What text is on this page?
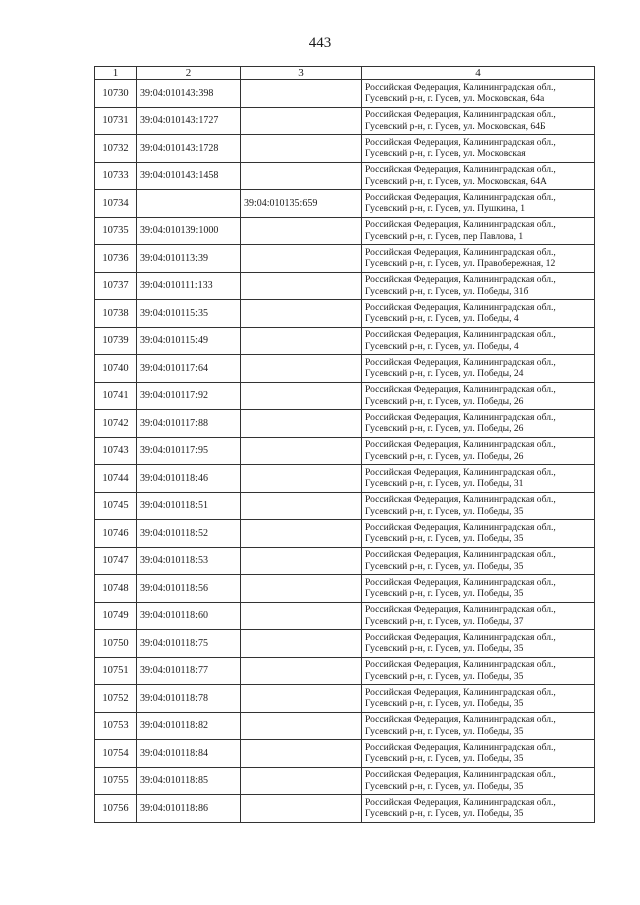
443
1	2	3	4
10730	39:04:010143:398		Российская Федерация, Калининградская обл.,
Гусевский р-н, г. Гусев, ул. Московская, 64а

10731	39:04:010143:1727		Российская Федерация, Калининградская обл.,
Гусевский р-н, г. Гусев, ул. Московская, 64Б

10732	39:04:010143:1728		Российская Федерация, Калининградская обл.,
Гусевский р-н, г. Гусев, ул. Московская

10733	39:04:010143:1458		Российская Федерация, Калининградская обл.,
Гусевский р-н, г. Гусев, ул. Московская, 64А

10734		39:04:010135:659	Российская Федерация, Калининградская обл.,
Гусевский р-н, г. Гусев, ул. Пушкина, 1

10735	39:04:010139:1000		Российская Федерация, Калининградская обл.,
Гусевский р-н, г. Гусев, пер Павлова, 1

10736	39:04:010113:39		Российская Федерация, Калининградская обл.,
Гусевский р-н, г. Гусев, ул. Правобережная, 12

10737	39:04:010111:133		Российская Федерация, Калининградская обл.,
Гусевский р-н, г. Гусев, ул. Победы, 31б

10738	39:04:010115:35		Российская Федерация, Калининградская обл.,
Гусевский р-н, г. Гусев, ул. Победы, 4

10739	39:04:010115:49		Российская Федерация, Калининградская обл.,
Гусевский р-н, г. Гусев, ул. Победы, 4

10740	39:04:010117:64		Российская Федерация, Калининградская обл.,
Гусевский р-н, г. Гусев, ул. Победы, 24

10741	39:04:010117:92		Российская Федерация, Калининградская обл.,
Гусевский р-н, г. Гусев, ул. Победы, 26

10742	39:04:010117:88		Российская Федерация, Калининградская обл.,
Гусевский р-н, г. Гусев, ул. Победы, 26

10743	39:04:010117:95		Российская Федерация, Калининградская обл.,
Гусевский р-н, г. Гусев, ул. Победы, 26

10744	39:04:010118:46		Российская Федерация, Калининградская обл.,
Гусевский р-н, г. Гусев, ул. Победы, 31

10745	39:04:010118:51		Российская Федерация, Калининградская обл.,
Гусевский р-н, г. Гусев, ул. Победы, 35

10746	39:04:010118:52		Российская Федерация, Калининградская обл.,
Гусевский р-н, г. Гусев, ул. Победы, 35

10747	39:04:010118:53		Российская Федерация, Калининградская обл.,
Гусевский р-н, г. Гусев, ул. Победы, 35

10748	39:04:010118:56		Российская Федерация, Калининградская обл.,
Гусевский р-н, г. Гусев, ул. Победы, 35

10749	39:04:010118:60		Российская Федерация, Калининградская обл.,
Гусевский р-н, г. Гусев, ул. Победы, 37

10750	39:04:010118:75		Российская Федерация, Калининградская обл.,
Гусевский р-н, г. Гусев, ул. Победы, 35

10751	39:04:010118:77		Российская Федерация, Калининградская обл.,
Гусевский р-н, г. Гусев, ул. Победы, 35

10752	39:04:010118:78		Российская Федерация, Калининградская обл.,
Гусевский р-н, г. Гусев, ул. Победы, 35

10753	39:04:010118:82		Российская Федерация, Калининградская обл.,
Гусевский р-н, г. Гусев, ул. Победы, 35

10754	39:04:010118:84		Российская Федерация, Калининградская обл.,
Гусевский р-н, г. Гусев, ул. Победы, 35

10755	39:04:010118:85		Российская Федерация, Калининградская обл.,
Гусевский р-н, г. Гусев, ул. Победы, 35

10756	39:04:010118:86		Российская Федерация, Калининградская обл.,
Гусевский р-н, г. Гусев, ул. Победы, 35
